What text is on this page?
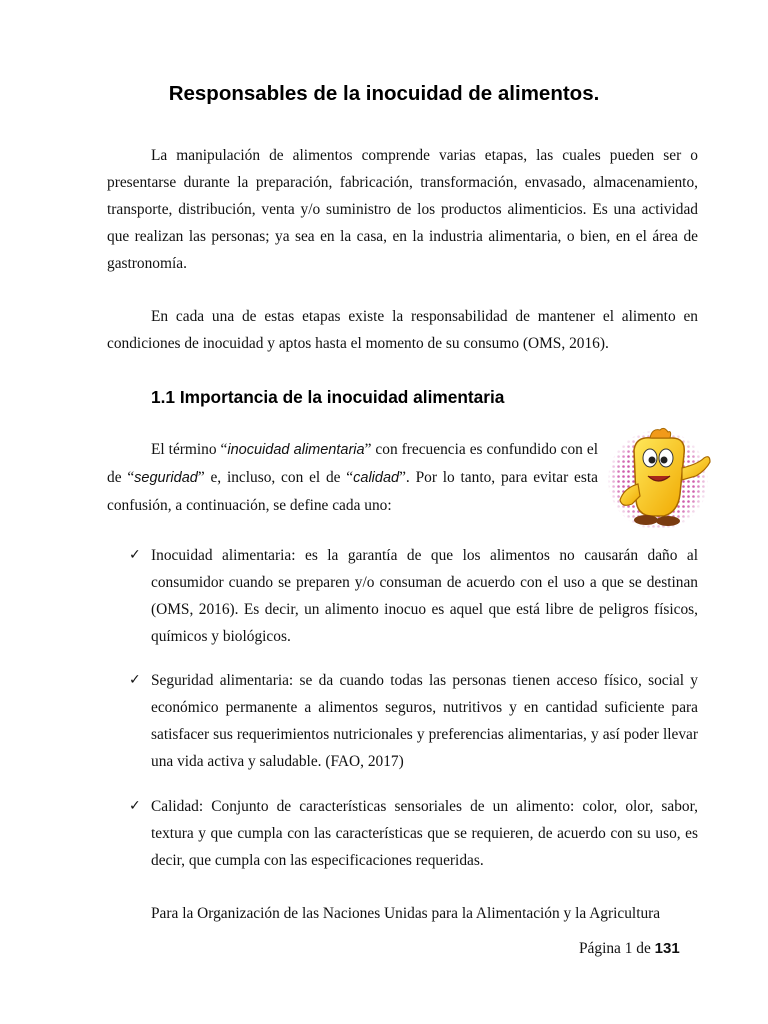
Responsables de la inocuidad de alimentos.

La manipulación de alimentos comprende varias etapas, las cuales pueden ser o presentarse durante la preparación, fabricación, transformación, envasado, almacenamiento, transporte, distribución, venta y/o suministro de los productos alimenticios. Es una actividad que realizan las personas; ya sea en la casa, en la industria alimentaria, o bien, en el área de gastronomía.

En cada una de estas etapas existe la responsabilidad de mantener el alimento en condiciones de inocuidad y aptos hasta el momento de su consumo (OMS, 2016).

1.1 Importancia de la inocuidad alimentaria

El término “inocuidad alimentaria” con frecuencia es confundido con el de “seguridad” e, incluso, con el de “calidad”. Por lo tanto, para evitar esta confusión, a continuación, se define cada uno:

✓ Inocuidad alimentaria: es la garantía de que los alimentos no causarán daño al consumidor cuando se preparen y/o consuman de acuerdo con el uso a que se destinan (OMS, 2016). Es decir, un alimento inocuo es aquel que está libre de peligros físicos, químicos y biológicos.
✓ Seguridad alimentaria: se da cuando todas las personas tienen acceso físico, social y económico permanente a alimentos seguros, nutritivos y en cantidad suficiente para satisfacer sus requerimientos nutricionales y preferencias alimentarias, y así poder llevar una vida activa y saludable. (FAO, 2017)
✓ Calidad: Conjunto de características sensoriales de un alimento: color, olor, sabor, textura y que cumpla con las características que se requieren, de acuerdo con su uso, es decir, que cumpla con las especificaciones requeridas.

Para la Organización de las Naciones Unidas para la Alimentación y la Agricultura

Página 1 de 131
